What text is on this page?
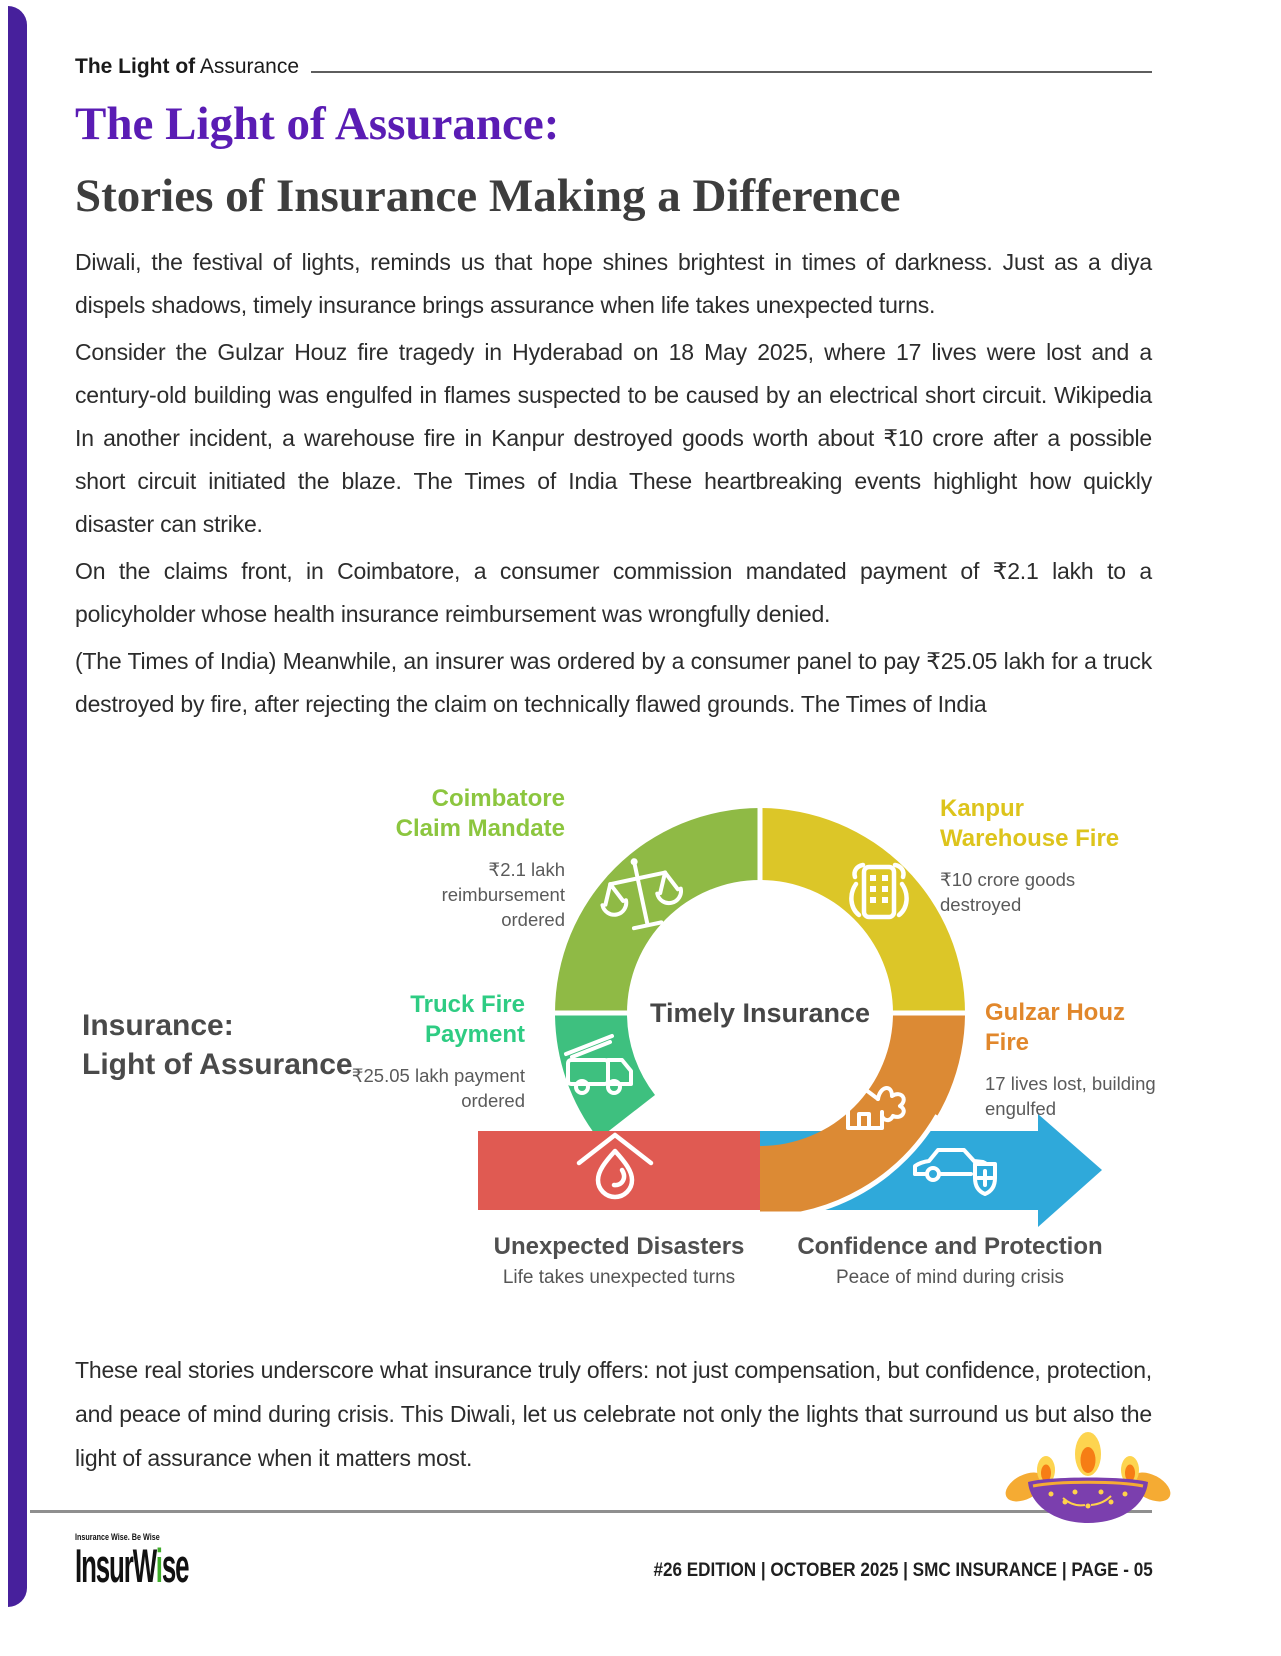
The Light of Assurance
The Light of Assurance:
Stories of Insurance Making a Difference

Diwali, the festival of lights, reminds us that hope shines brightest in times of darkness. Just as a diya dispels shadows, timely insurance brings assurance when life takes unexpected turns.

Consider the Gulzar Houz fire tragedy in Hyderabad on 18 May 2025, where 17 lives were lost and a century-old building was engulfed in flames suspected to be caused by an electrical short circuit. Wikipedia In another incident, a warehouse fire in Kanpur destroyed goods worth about ₹10 crore after a possible short circuit initiated the blaze. The Times of India These heartbreaking events highlight how quickly disaster can strike.

On the claims front, in Coimbatore, a consumer commission mandated payment of ₹2.1 lakh to a policyholder whose health insurance reimbursement was wrongfully denied.

(The Times of India) Meanwhile, an insurer was ordered by a consumer panel to pay ₹25.05 lakh for a truck destroyed by fire, after rejecting the claim on technically flawed grounds. The Times of India

Insurance:
Light of Assurance
Timely Insurance
Coimbatore
Claim Mandate
₹2.1 lakh
reimbursement
ordered
Kanpur
Warehouse Fire
₹10 crore goods
destroyed
Truck Fire
Payment
₹25.05 lakh payment
ordered
Gulzar Houz
Fire
17 lives lost, building
engulfed
Unexpected Disasters
Life takes unexpected turns
Confidence and Protection
Peace of mind during crisis
These real stories underscore what insurance truly offers: not just compensation, but confidence, protection, and peace of mind during crisis. This Diwali, let us celebrate not only the lights that surround us but also the light of assurance when it matters most.
Insurance Wise. Be Wise
InsurWise	#26 EDITION | OCTOBER 2025 | SMC INSURANCE | PAGE - 05
